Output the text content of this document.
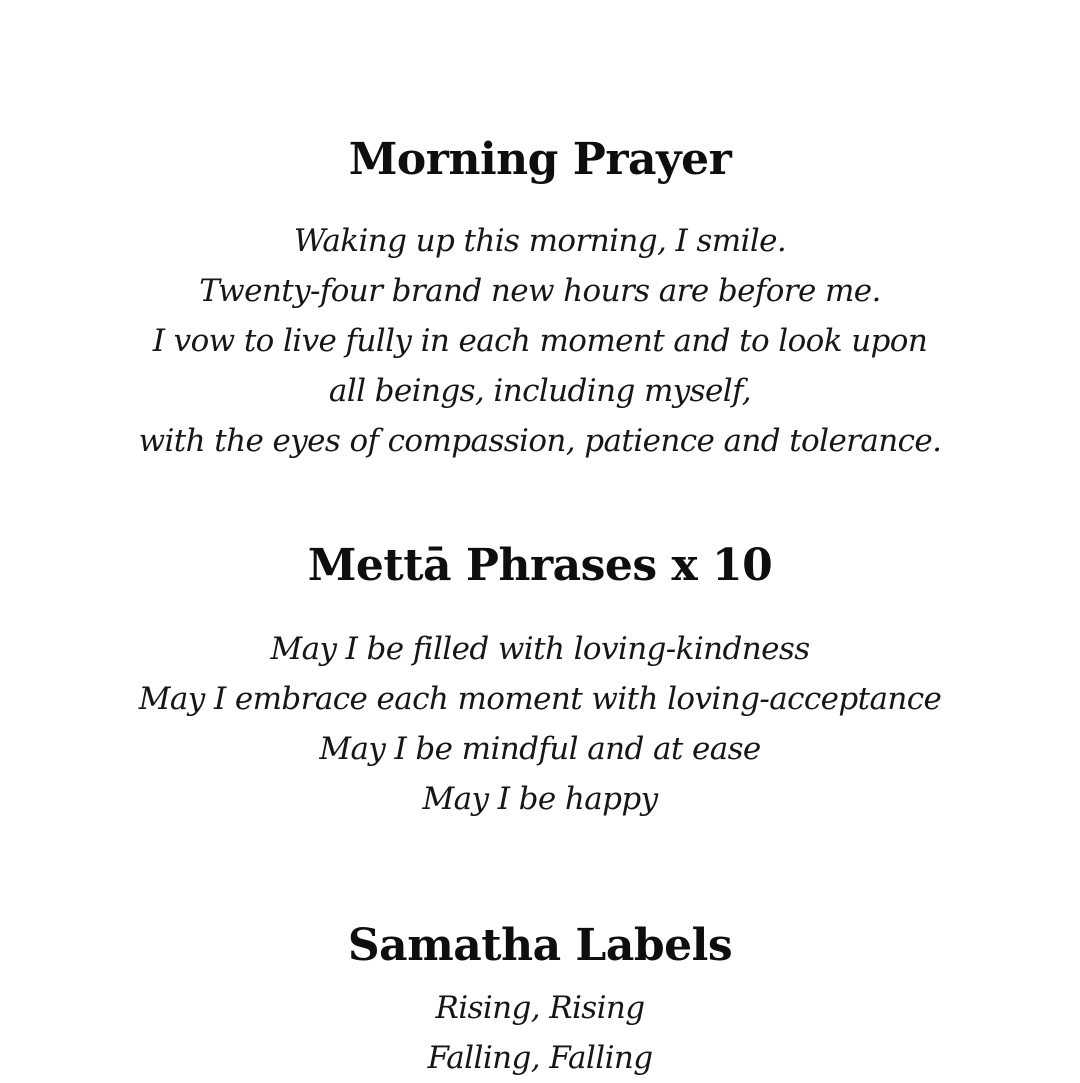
Morning Prayer
Waking up this morning, I smile.
Twenty-four brand new hours are before me.
I vow to live fully in each moment and to look upon
all beings, including myself,
with the eyes of compassion, patience and tolerance.
Mettā Phrases x 10
May I be filled with loving-kindness
May I embrace each moment with loving-acceptance
May I be mindful and at ease
May I be happy
Samatha Labels
Rising, Rising
Falling, Falling
